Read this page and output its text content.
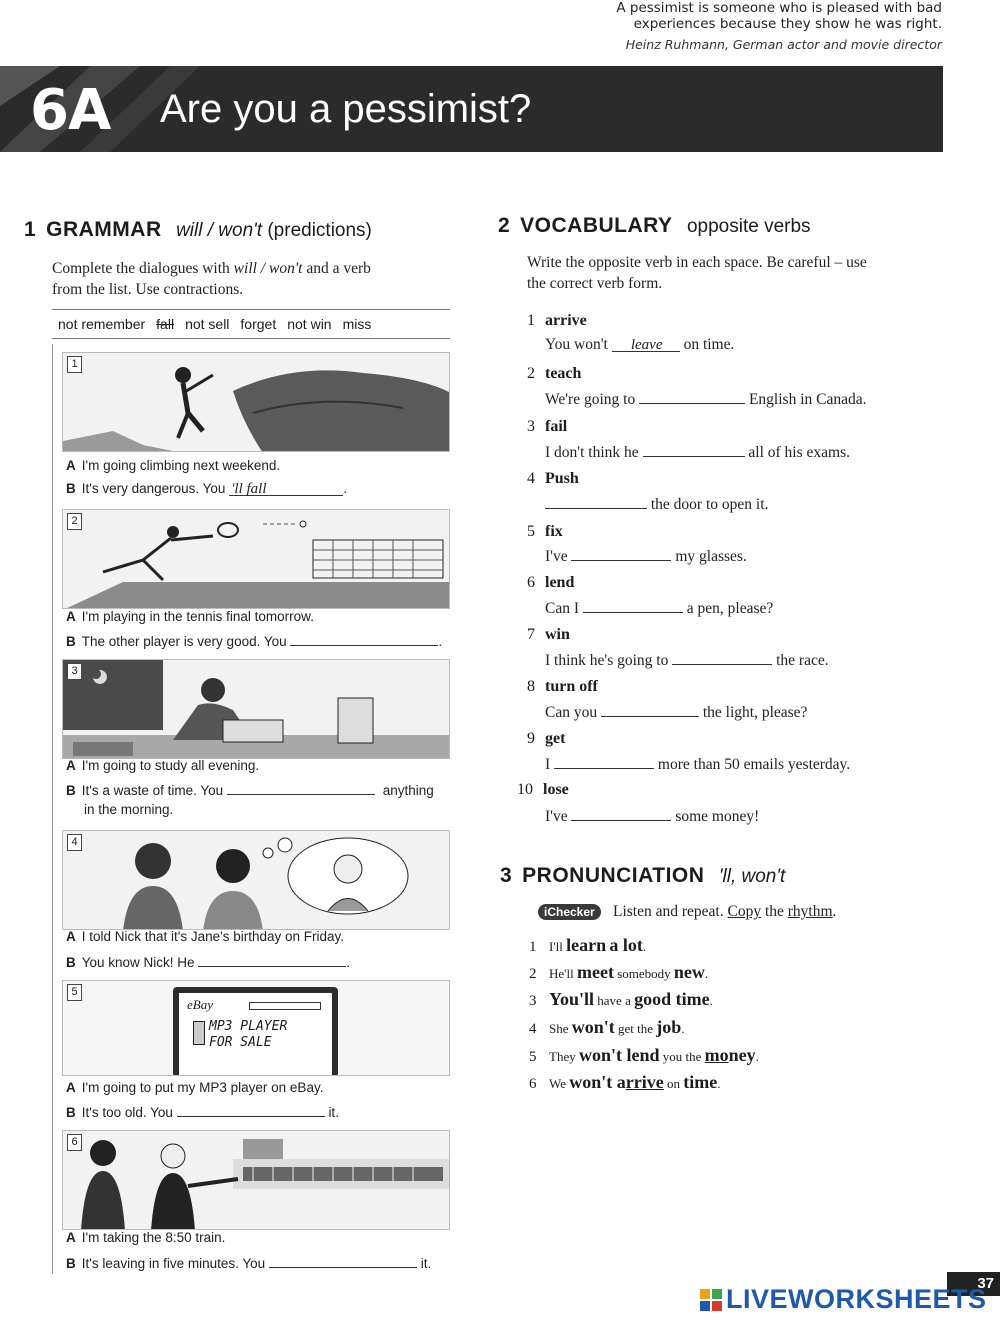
A pessimist is someone who is pleased with bad
experiences because they show he was right.
Heinz Ruhmann, German actor and movie director
6A Are you a pessimist?
1 GRAMMAR will / won't (predictions)
Complete the dialogues with will / won't and a verb
from the list. Use contractions.
not remember fall not sell forget not win miss
1
A I'm going climbing next weekend.
B It's very dangerous. You 'll fall	.
2
A I'm playing in the tennis final tomorrow.
B The other player is very good. You	.
3
A I'm going to study all evening.
B It's a waste of time. You	anything
in the morning.
4
A I told Nick that it's Jane's birthday on Friday.
B You know Nick! He	.
5
eBay
MP3 PLAYER
FOR SALE
A I'm going to put my MP3 player on eBay.
B It's too old. You	it.
6
A I'm taking the 8:50 train.
B It's leaving in five minutes. You	it.
2 VOCABULARY opposite verbs
Write the opposite verb in each space. Be careful – use
the correct verb form.
1 arrive
You won't leave on time.
2 teach
We're going to	English in Canada.
3 fail
I don't think he	all of his exams.
4 Push
the door to open it.
5 fix
I've	my glasses.
6 lend
Can I	a pen, please?
7 win
I think he's going to	the race.
8 turn off
Can you	the light, please?
9 get
I	more than 50 emails yesterday.
10 lose
I've	some money!
3 PRONUNCIATION 'll, won't
iChecker	Listen and repeat. Copy the rhythm.
1 I'll learn a lot.
2 He'll meet somebody new.
3 You'll have a good time.
4 She won't get the job.
5 They won't lend you the money.
6 We won't arrive on time.
37
LIVEWORKSHEETS
